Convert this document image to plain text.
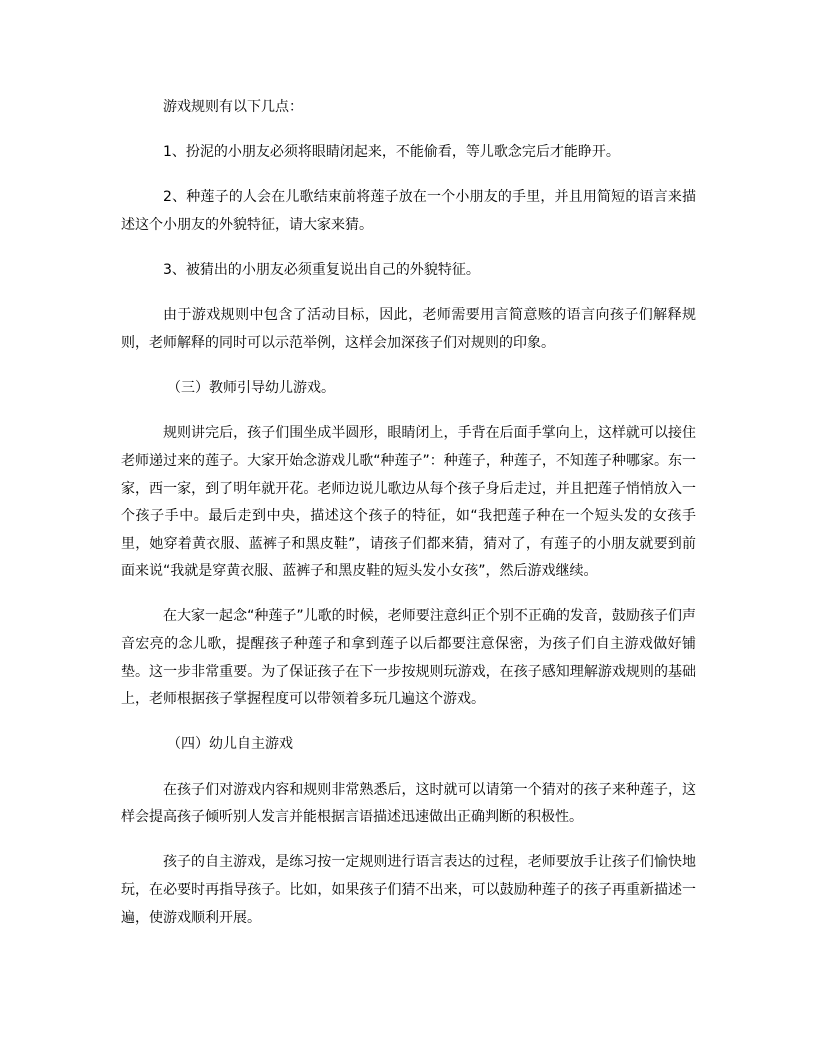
游戏规则有以下几点：

1、扮泥的小朋友必须将眼睛闭起来，不能偷看，等儿歌念完后才能睁开。

2、种莲子的人会在儿歌结束前将莲子放在一个小朋友的手里，并且用简短的语言来描述这个小朋友的外貌特征，请大家来猜。

3、被猜出的小朋友必须重复说出自己的外貌特征。

由于游戏规则中包含了活动目标，因此，老师需要用言简意赅的语言向孩子们解释规则，老师解释的同时可以示范举例，这样会加深孩子们对规则的印象。

（三）教师引导幼儿游戏。

规则讲完后，孩子们围坐成半圆形，眼睛闭上，手背在后面手掌向上，这样就可以接住老师递过来的莲子。大家开始念游戏儿歌“种莲子”：种莲子，种莲子，不知莲子种哪家。东一家，西一家，到了明年就开花。老师边说儿歌边从每个孩子身后走过，并且把莲子悄悄放入一个孩子手中。最后走到中央，描述这个孩子的特征，如“我把莲子种在一个短头发的女孩手里，她穿着黄衣服、蓝裤子和黑皮鞋”，请孩子们都来猜，猜对了，有莲子的小朋友就要到前面来说“我就是穿黄衣服、蓝裤子和黑皮鞋的短头发小女孩”，然后游戏继续。

在大家一起念“种莲子”儿歌的时候，老师要注意纠正个别不正确的发音，鼓励孩子们声音宏亮的念儿歌，提醒孩子种莲子和拿到莲子以后都要注意保密，为孩子们自主游戏做好铺垫。这一步非常重要。为了保证孩子在下一步按规则玩游戏，在孩子感知理解游戏规则的基础上，老师根据孩子掌握程度可以带领着多玩几遍这个游戏。

（四）幼儿自主游戏

在孩子们对游戏内容和规则非常熟悉后，这时就可以请第一个猜对的孩子来种莲子，这样会提高孩子倾听别人发言并能根据言语描述迅速做出正确判断的积极性。

孩子的自主游戏，是练习按一定规则进行语言表达的过程，老师要放手让孩子们愉快地玩，在必要时再指导孩子。比如，如果孩子们猜不出来，可以鼓励种莲子的孩子再重新描述一遍，使游戏顺利开展。
